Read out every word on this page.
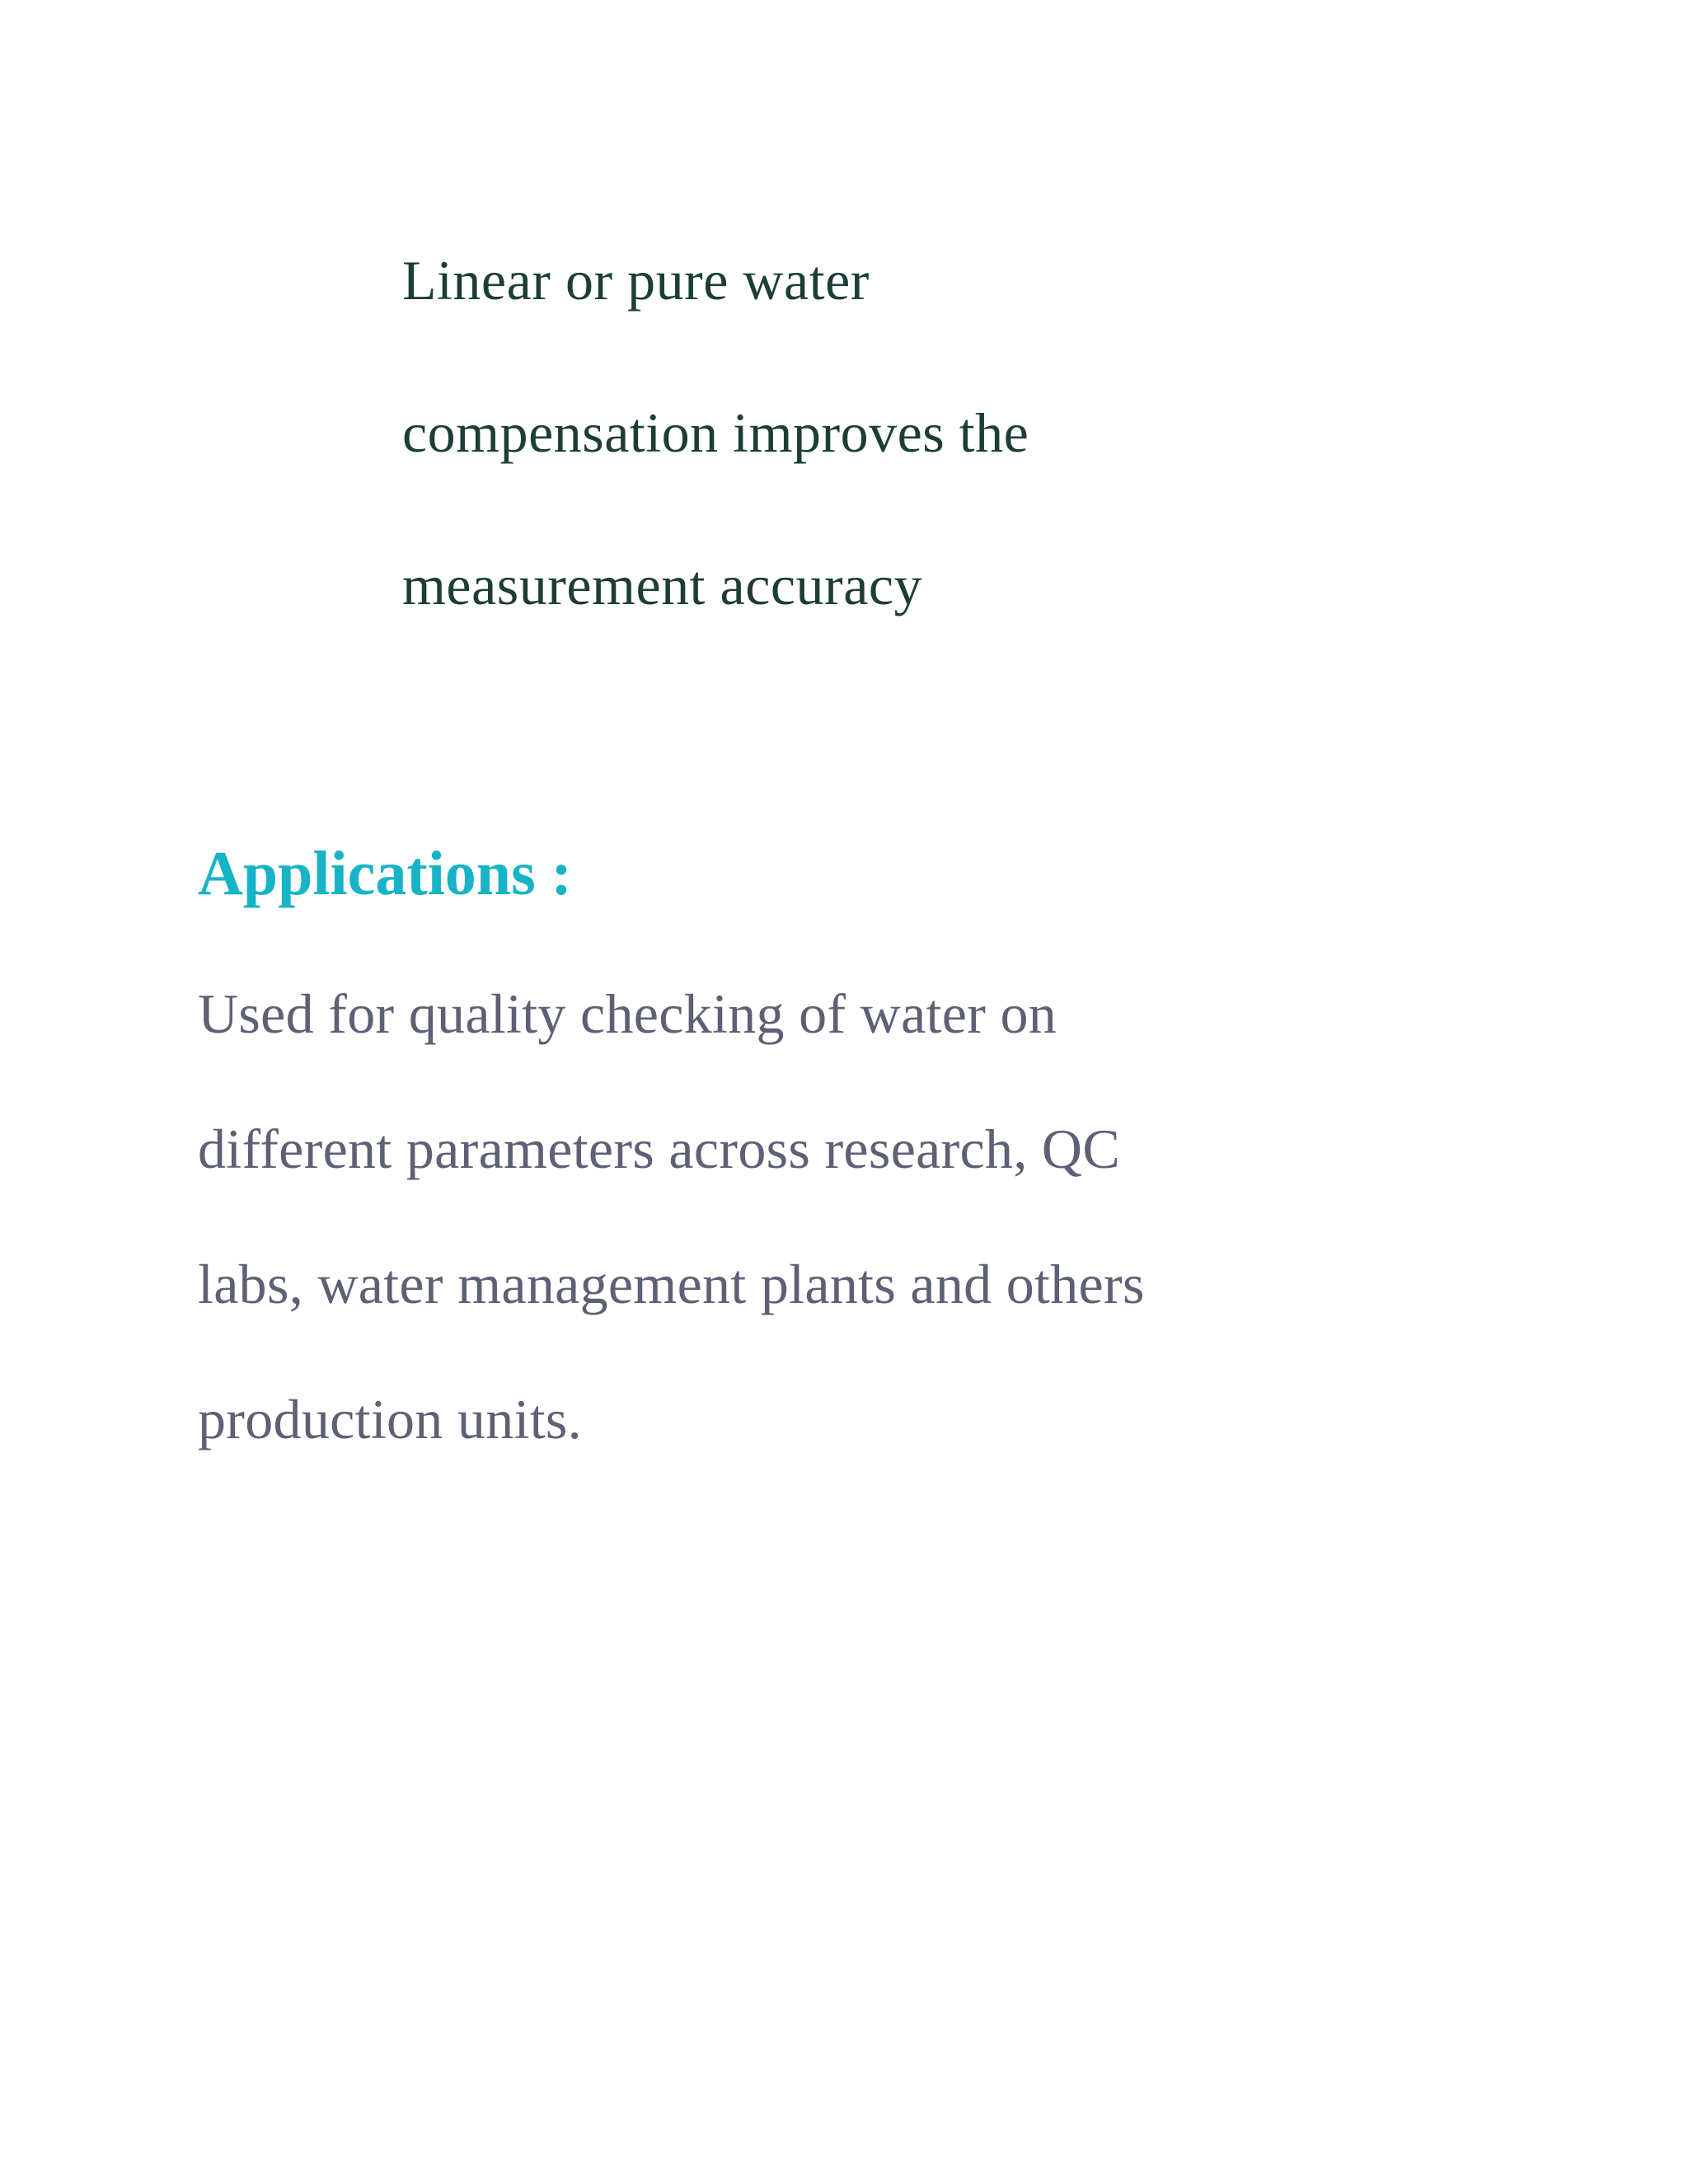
Linear or pure water

compensation improves the

measurement accuracy

Applications :

Used for quality checking of water on

different parameters across research, QC

labs, water management plants and others

production units.
